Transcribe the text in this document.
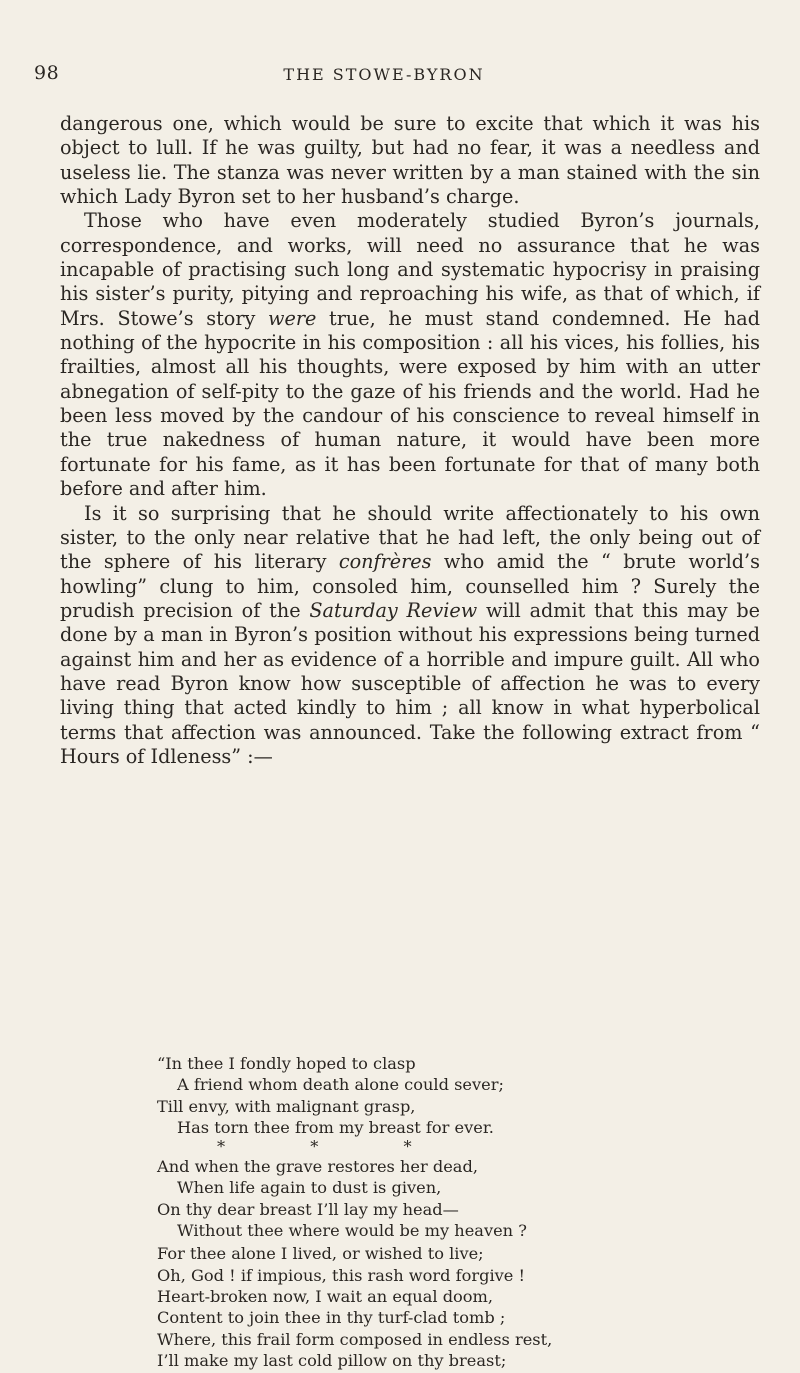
98	THE STOWE-BYRON

dangerous one, which would be sure to excite that which it was his object to lull. If he was guilty, but had no fear, it was a needless and useless lie. The stanza was never written by a man stained with the sin which Lady Byron set to her husband’s charge.

Those who have even moderately studied Byron’s journals, correspondence, and works, will need no assurance that he was incapable of practising such long and systematic hypocrisy in praising his sister’s purity, pitying and reproaching his wife, as that of which, if Mrs. Stowe’s story were true, he must stand condemned. He had nothing of the hypocrite in his composition : all his vices, his follies, his frailties, almost all his thoughts, were exposed by him with an utter abnegation of self-pity to the gaze of his friends and the world. Had he been less moved by the candour of his conscience to reveal himself in the true nakedness of human nature, it would have been more fortunate for his fame, as it has been fortunate for that of many both before and after him.

Is it so surprising that he should write affectionately to his own sister, to the only near relative that he had left, the only being out of the sphere of his literary confrères who amid the “ brute world’s howling” clung to him, consoled him, counselled him ? Surely the prudish precision of the Saturday Review will admit that this may be done by a man in Byron’s position without his expressions being turned against him and her as evidence of a horrible and impure guilt. All who have read Byron know how susceptible of affection he was to every living thing that acted kindly to him ; all know in what hyperbolical terms that affection was announced. Take the following extract from “ Hours of Idleness” :—

“In thee I fondly hoped to clasp
A friend whom death alone could sever;
Till envy, with malignant grasp,
Has torn thee from my breast for ever.
* * *
And when the grave restores her dead,
When life again to dust is given,
On thy dear breast I’ll lay my head—
Without thee where would be my heaven ?
For thee alone I lived, or wished to live;
Oh, God ! if impious, this rash word forgive !
Heart-broken now, I wait an equal doom,
Content to join thee in thy turf-clad tomb ;
Where, this frail form composed in endless rest,
I’ll make my last cold pillow on thy breast;
